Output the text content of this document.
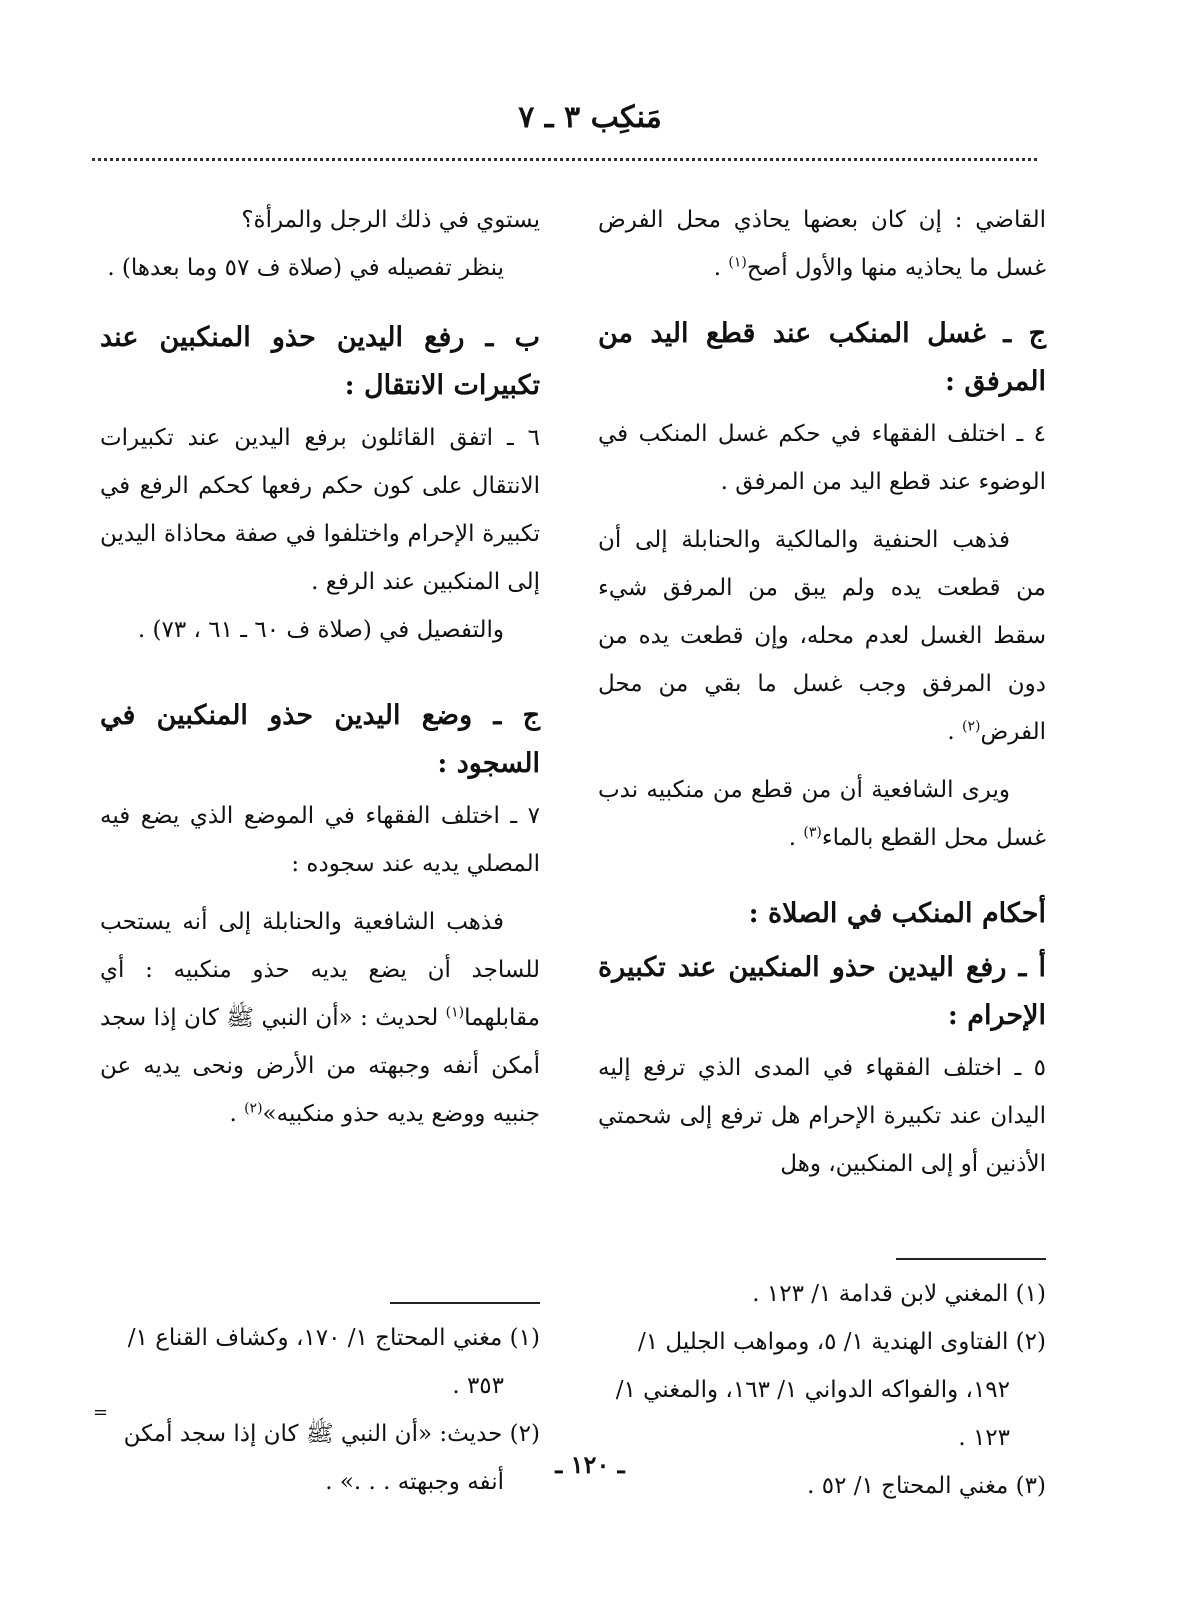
مَنكِب ٣ ـ ٧

القاضي : إن كان بعضها يحاذي محل الفرض غسل ما يحاذيه منها والأول أصح$^{(١)}$ .

ج ـ غسل المنكب عند قطع اليد من المرفق :

٤ ـ اختلف الفقهاء في حكم غسل المنكب في الوضوء عند قطع اليد من المرفق .

فذهب الحنفية والمالكية والحنابلة إلى أن من قطعت يده ولم يبق من المرفق شيء سقط الغسل لعدم محله، وإن قطعت يده من دون المرفق وجب غسل ما بقي من محل الفرض$^{(٢)}$ .

ويرى الشافعية أن من قطع من منكبيه ندب غسل محل القطع بالماء$^{(٣)}$ .

أحكام المنكب في الصلاة :
أ ـ رفع اليدين حذو المنكبين عند تكبيرة الإحرام :

٥ ـ اختلف الفقهاء في المدى الذي ترفع إليه اليدان عند تكبيرة الإحرام هل ترفع إلى شحمتي الأذنين أو إلى المنكبين، وهل

يستوي في ذلك الرجل والمرأة؟

ينظر تفصيله في (صلاة ف ٥٧ وما بعدها) .

ب ـ رفع اليدين حذو المنكبين عند تكبيرات الانتقال :

٦ ـ اتفق القائلون برفع اليدين عند تكبيرات الانتقال على كون حكم رفعها كحكم الرفع في تكبيرة الإحرام واختلفوا في صفة محاذاة اليدين إلى المنكبين عند الرفع .

والتفصيل في (صلاة ف ٦٠ ـ ٦١ ، ٧٣) .

ج ـ وضع اليدين حذو المنكبين في السجود :

٧ ـ اختلف الفقهاء في الموضع الذي يضع فيه المصلي يديه عند سجوده :

فذهب الشافعية والحنابلة إلى أنه يستحب للساجد أن يضع يديه حذو منكبيه : أي مقابلهما$^{(١)}$ لحديث : «أن النبي ﷺ كان إذا سجد أمكن أنفه وجبهته من الأرض ونحى يديه عن جنبيه ووضع يديه حذو منكبيه»$^{(٢)}$ .

(١) المغني لابن قدامة ١/ ١٢٣ .

(٢) الفتاوى الهندية ١/ ٥، ومواهب الجليل ١/ ١٩٢، والفواكه الدواني ١/ ١٦٣، والمغني ١/ ١٢٣ .

(٣) مغني المحتاج ١/ ٥٢ .

(١) مغني المحتاج ١/ ١٧٠، وكشاف القناع ١/ ٣٥٣ .

(٢) حديث: «أن النبي ﷺ كان إذا سجد أمكن أنفه وجبهته . . .» .

=
ـ ١٢٠ ـ
